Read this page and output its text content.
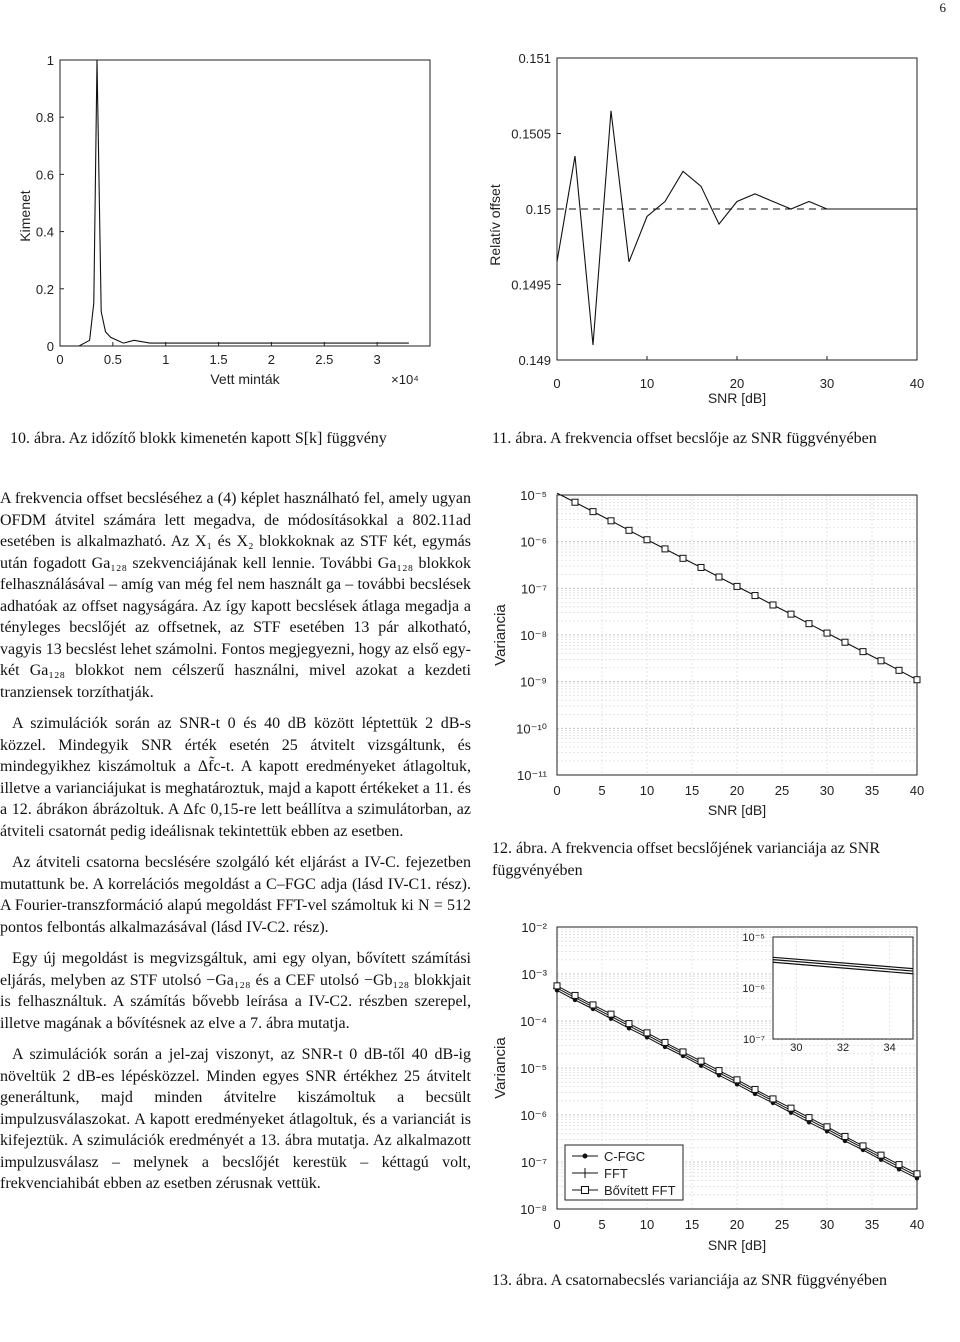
6
0
0.2
0.4
0.6
0.8
1
0	0.5	1	1.5	2	2.5	3
Kimenet
Vett minták	×10⁴
0.149
0.1495
0.15
0.1505
0.151
0	10	20	30	40
Relatív offset
SNR [dB]
10⁻¹¹
10⁻¹⁰
10⁻⁹
10⁻⁸
10⁻⁷
10⁻⁶
10⁻⁵
0	5	10 15 20 25 30 35 40
Variancia
SNR [dB]
10⁻⁸
10⁻⁷
10⁻⁶
10⁻⁵
10⁻⁴
10⁻³
10⁻²
0	5	10 15 20 25 30 35 40
Variancia
SNR [dB]
10⁻⁷
10⁻⁶
10⁻⁵
30	32	34
C-FGC
FFT
Bővített FFT
10. ábra. Az időzítő blokk kimenetén kapott S[k] függvény	11. ábra. A frekvencia offset becslője az SNR függvényében
12. ábra. A frekvencia offset becslőjének varianciája az SNR függvényében
13. ábra. A csatornabecslés varianciája az SNR függvényében

A frekvencia offset becsléséhez a (4) képlet használható fel, amely ugyan OFDM átvitel számára lett megadva, de módosításokkal a 802.11ad esetében is alkalmazható. Az X₁ és X₂ blokkoknak az STF két, egymás után fogadott Ga₁₂₈ szekvenciájának kell lennie. További Ga₁₂₈ blokkok felhasználásával – amíg van még fel nem használt ga – további becslések adhatóak az offset nagyságára. Az így kapott becslések átlaga megadja a tényleges becslőjét az offsetnek, az STF esetében 13 pár alkotható, vagyis 13 becslést lehet számolni. Fontos megjegyezni, hogy az első egy-két Ga₁₂₈ blokkot nem célszerű használni, mivel azokat a kezdeti tranziensek torzíthatják.

A szimulációk során az SNR-t 0 és 40 dB között léptettük 2 dB-s közzel. Mindegyik SNR érték esetén 25 átvitelt vizsgáltunk, és mindegyikhez kiszámoltuk a Δf̃c-t. A kapott eredményeket átlagoltuk, illetve a varianciájukat is meghatároztuk, majd a kapott értékeket a 11. és a 12. ábrákon ábrázoltuk. A Δfc 0,15-re lett beállítva a szimulátorban, az átviteli csatornát pedig ideálisnak tekintettük ebben az esetben.

Az átviteli csatorna becslésére szolgáló két eljárást a IV-C. fejezetben mutattunk be. A korrelációs megoldást a C–FGC adja (lásd IV-C1. rész). A Fourier-transzformáció alapú megoldást FFT-vel számoltuk ki N = 512 pontos felbontás alkalmazásával (lásd IV-C2. rész).

Egy új megoldást is megvizsgáltuk, ami egy olyan, bővített számítási eljárás, melyben az STF utolsó −Ga₁₂₈ és a CEF utolsó −Gb₁₂₈ blokkjait is felhasználtuk. A számítás bővebb leírása a IV-C2. részben szerepel, illetve magának a bővítésnek az elve a 7. ábra mutatja.

A szimulációk során a jel-zaj viszonyt, az SNR-t 0 dB-től 40 dB-ig növeltük 2 dB-es lépésközzel. Minden egyes SNR értékhez 25 átvitelt generáltunk, majd minden átvitelre kiszámoltuk a becsült impulzusválaszokat. A kapott eredményeket átlagoltuk, és a varianciát is kifejeztük. A szimulációk eredményét a 13. ábra mutatja. Az alkalmazott impulzusválasz – melynek a becslőjét kerestük – kéttagú volt, frekvenciahibát ebben az esetben zérusnak vettük.
